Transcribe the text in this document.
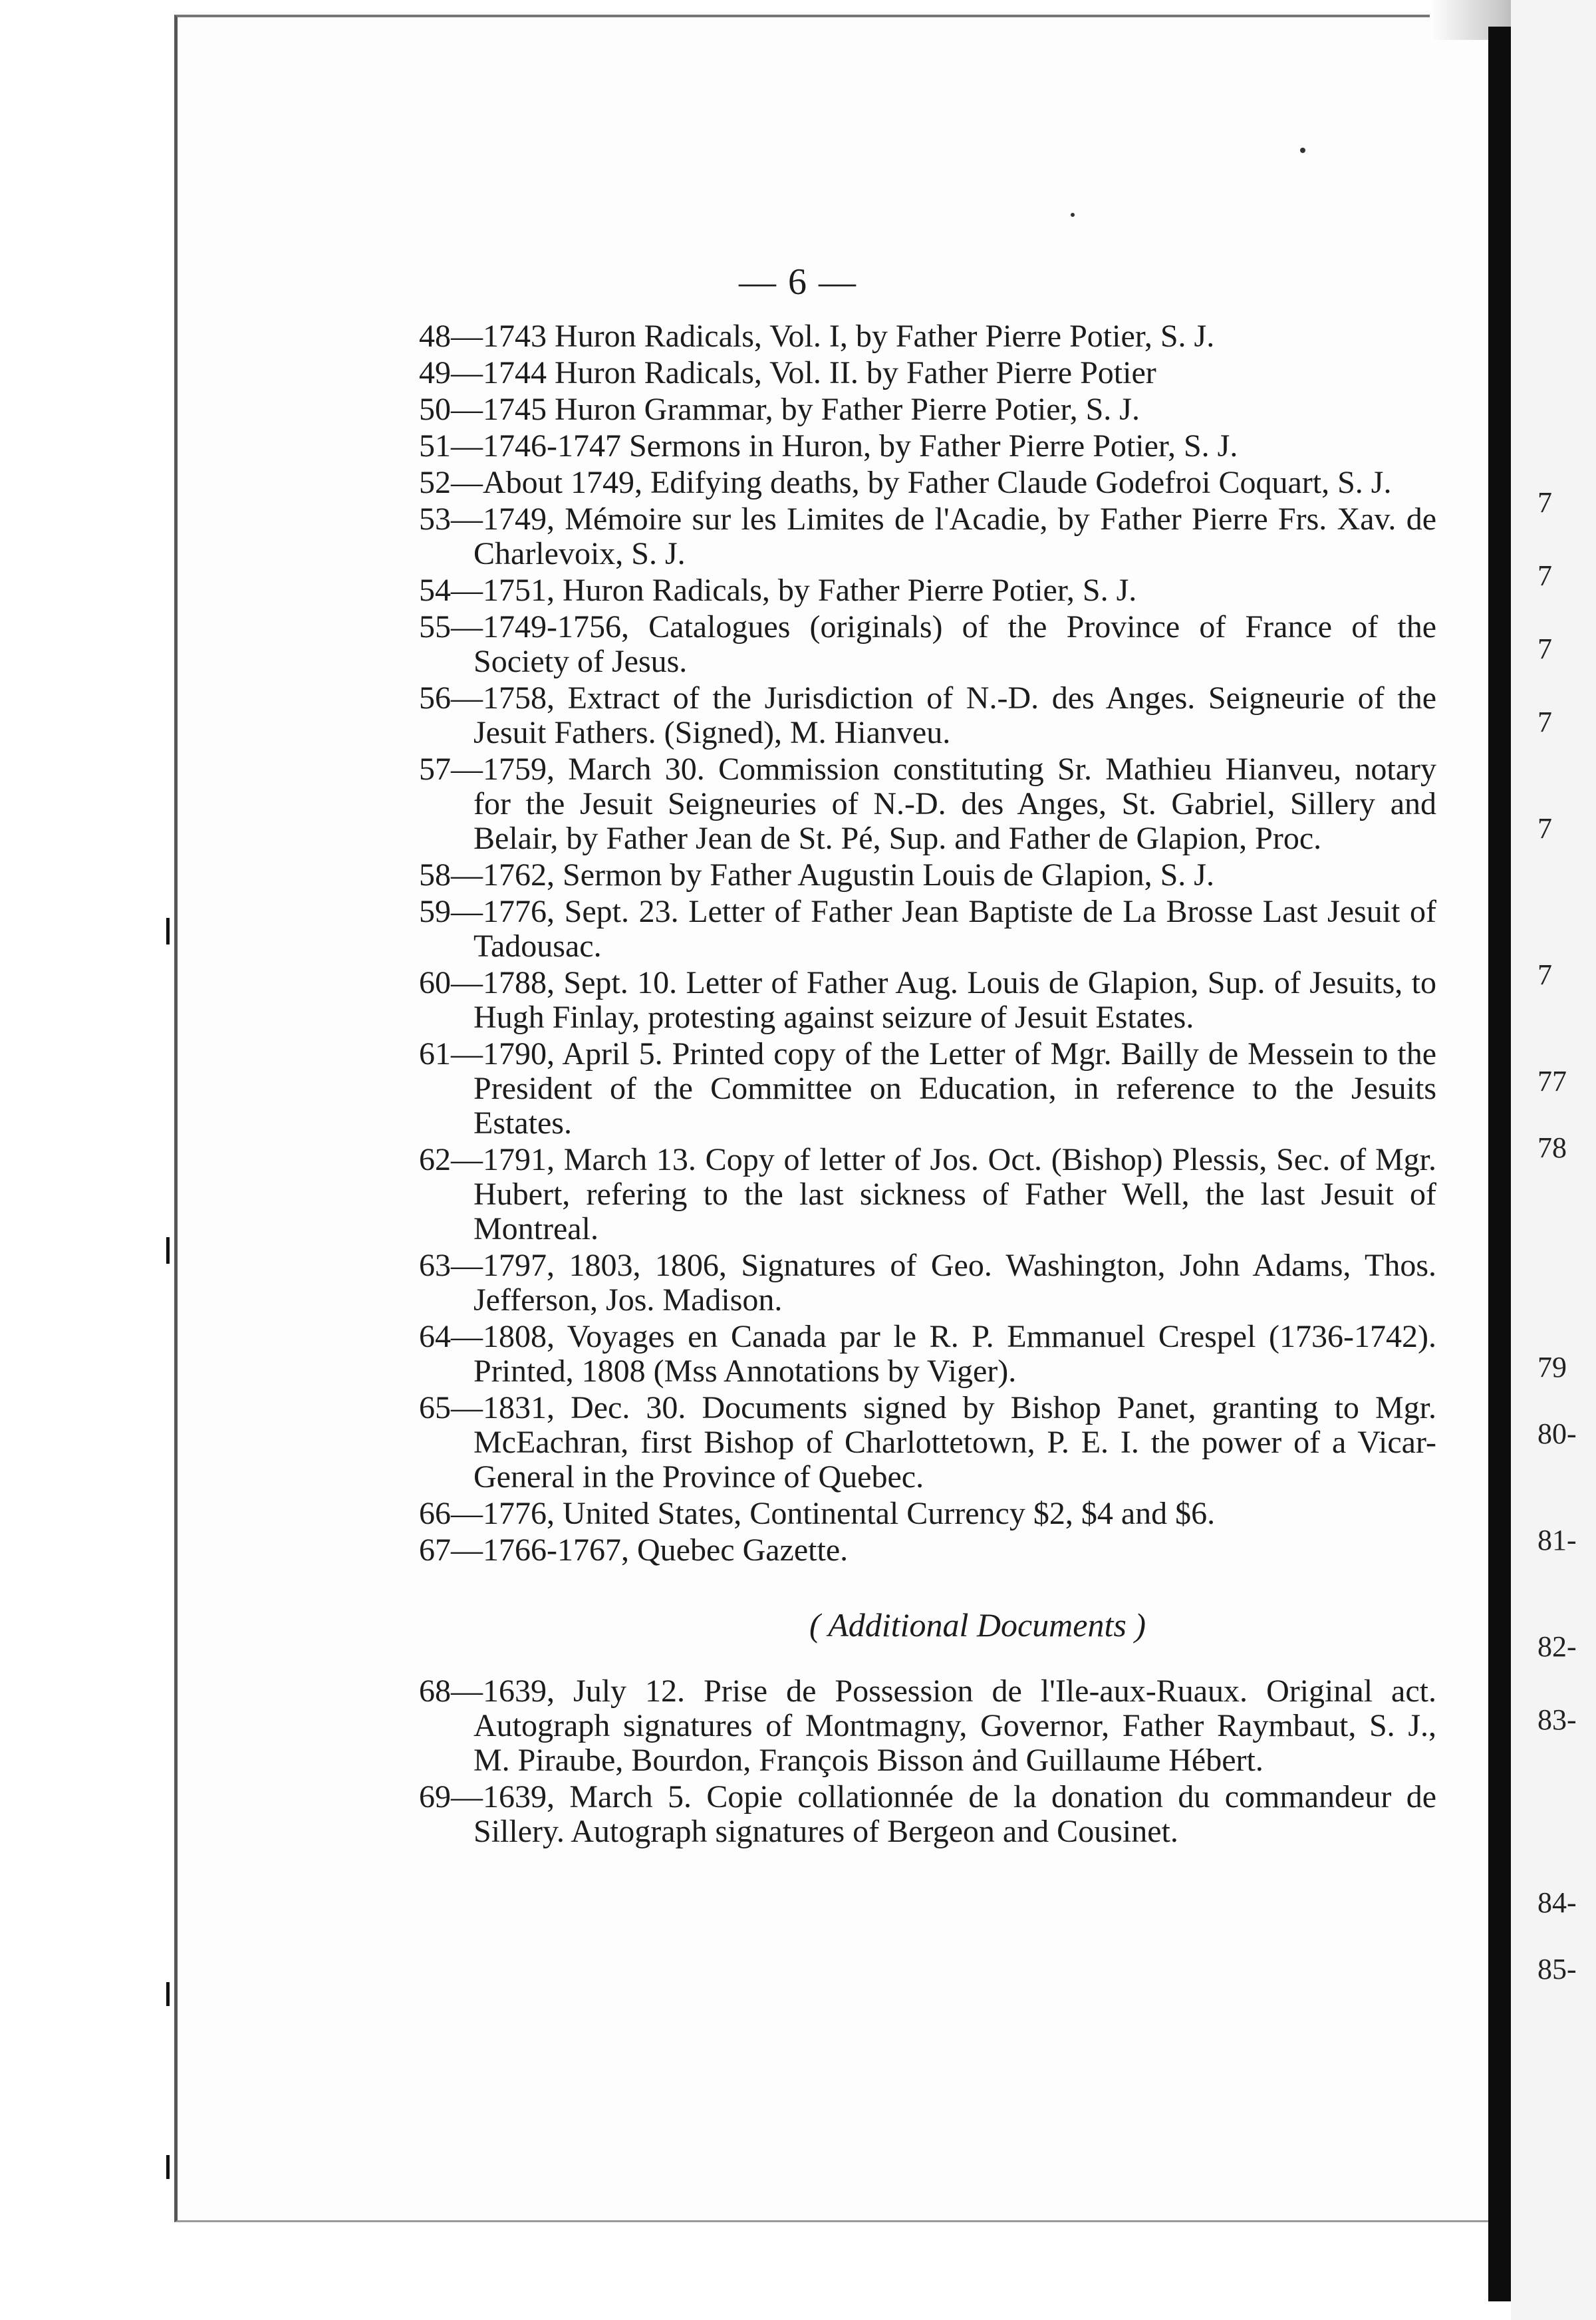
7
7
7
7
7
7
77
78
79
80-
81-
82-
83-
84-
85-
— 6 —

48—1743 Huron Radicals, Vol. I, by Father Pierre Potier, S. J.

49—1744 Huron Radicals, Vol. II. by Father Pierre Potier

50—1745 Huron Grammar, by Father Pierre Potier, S. J.

51—1746-1747 Sermons in Huron, by Father Pierre Potier, S. J.

52—About 1749, Edifying deaths, by Father Claude Godefroi Coquart, S. J.

53—1749, Mémoire sur les Limites de l'Acadie, by Father Pierre Frs. Xav. de Charlevoix, S. J.

54—1751, Huron Radicals, by Father Pierre Potier, S. J.

55—1749-1756, Catalogues (originals) of the Province of France of the Society of Jesus.

56—1758, Extract of the Jurisdiction of N.-D. des Anges. Seigneurie of the Jesuit Fathers. (Signed), M. Hianveu.

57—1759, March 30. Commission constituting Sr. Mathieu Hianveu, notary for the Jesuit Seigneuries of N.-D. des Anges, St. Gabriel, Sillery and Belair, by Father Jean de St. Pé, Sup. and Father de Glapion, Proc.

58—1762, Sermon by Father Augustin Louis de Glapion, S. J.

59—1776, Sept. 23. Letter of Father Jean Baptiste de La Brosse Last Jesuit of Tadousac.

60—1788, Sept. 10. Letter of Father Aug. Louis de Glapion, Sup. of Jesuits, to Hugh Finlay, protesting against seizure of Jesuit Estates.

61—1790, April 5. Printed copy of the Letter of Mgr. Bailly de Messein to the President of the Committee on Education, in reference to the Jesuits Estates.

62—1791, March 13. Copy of letter of Jos. Oct. (Bishop) Plessis, Sec. of Mgr. Hubert, refering to the last sickness of Father Well, the last Jesuit of Montreal.

63—1797, 1803, 1806, Signatures of Geo. Washington, John Adams, Thos. Jefferson, Jos. Madison.

64—1808, Voyages en Canada par le R. P. Emmanuel Crespel (1736-1742). Printed, 1808 (Mss Annotations by Viger).

65—1831, Dec. 30. Documents signed by Bishop Panet, granting to Mgr. McEachran, first Bishop of Charlottetown, P. E. I. the power of a Vicar-General in the Province of Quebec.

66—1776, United States, Continental Currency $2, $4 and $6.

67—1766-1767, Quebec Gazette.

( Additional Documents )

68—1639, July 12. Prise de Possession de l'Ile-aux-Ruaux. Original act. Autograph signatures of Montmagny, Governor, Father Raymbaut, S. J., M. Piraube, Bourdon, François Bisson and Guillaume Hébert.

69—1639, March 5. Copie collationnée de la donation du commandeur de Sillery. Autograph signatures of Bergeon and Cousinet.
